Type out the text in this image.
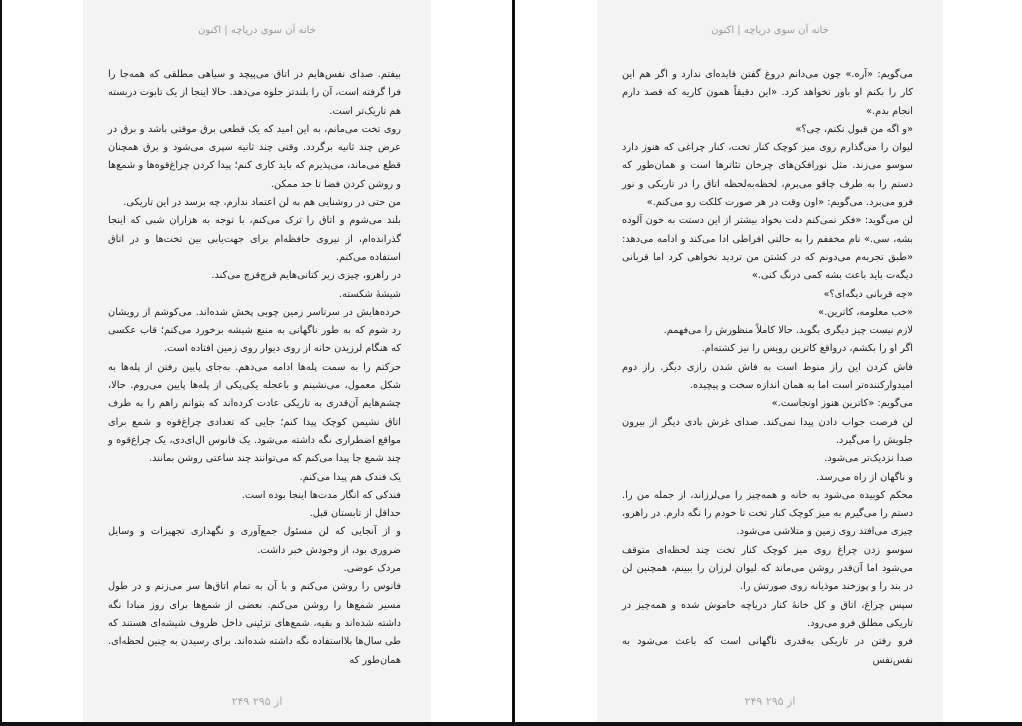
خانه آن سوی دریاچه | اکنون

بیفتم. صدای نفس‌هایم در اتاق می‌پیچد و سیاهی مطلقی که همه‌جا را فرا گرفته است، آن را بلندتر جلوه می‌دهد. حالا اینجا از یک تابوت دربسته هم تاریک‌تر است.

روی تخت می‌مانم، به این امید که یک قطعی برق موقتی باشد و برق در عرض چند ثانیه برگردد. وقتی چند ثانیه سپری می‌شود و برق همچنان قطع می‌ماند، می‌پذیرم که باید کاری کنم؛ پیدا کردن چراغ‌قوه‌ها و شمع‌ها و روشن کردن فضا تا حد ممکن.

من حتی در روشنایی هم به لن اعتماد ندارم، چه برسد در این تاریکی.

بلند می‌شوم و اتاق را ترک می‌کنم، با توجه به هزاران شبی که اینجا گذرانده‌ام، از نیروی حافظه‌ام برای جهت‌یابی بین تخت‌ها و در اتاق استفاده می‌کنم.

در راهرو، چیزی زیر کتانی‌هایم قرچ‌قرچ می‌کند.

شیشهٔ شکسته.

خرده‌هایش در سرتاسر زمین چوبی پخش شده‌اند. می‌کوشم از رویشان رد شوم که به طور ناگهانی به منبع شیشه برخورد می‌کنم؛ قاب عکسی که هنگام لرزیدن خانه از روی دیوار روی زمین افتاده است.

حرکتم را به سمت پله‌ها ادامه می‌دهم. به‌جای پایین رفتن از پله‌ها به شکل معمول، می‌نشینم و باعجله یکی‌یکی از پله‌ها پایین می‌روم. حالا، چشم‌هایم آن‌قدری به تاریکی عادت کرده‌اند که بتوانم راهم را به طرف اتاق نشیمن کوچک پیدا کنم؛ جایی که تعدادی چراغ‌قوه و شمع برای مواقع اضطراری نگه داشته می‌شود. یک فانوس ال‌ای‌دی، یک چراغ‌قوه و چند شمع جا پیدا می‌کنم که می‌توانند چند ساعتی روشن بمانند.

یک فندک هم پیدا می‌کنم.

فندکی که انگار مدت‌ها اینجا بوده است.

حداقل از تابستان قبل.

و از آنجایی که لن مسئول جمع‌آوری و نگهداری تجهیزات و وسایل ضروری بود، از وجودش خبر داشت.

مردک عوضی.

فانوس را روشن می‌کنم و با آن به تمام اتاق‌ها سر می‌زنم و در طول مسیر شمع‌ها را روشن می‌کنم. بعضی از شمع‌ها برای روز مبادا نگه داشته شده‌اند و بقیه، شمع‌های تزئینی داخل ظروف شیشه‌ای هستند که طی سال‌ها بلااستفاده نگه داشته شده‌اند. برای رسیدن به چنین لحظه‌ای. همان‌طور که

۲۴۹ از ۲۹۵
خانه آن سوی دریاچه | اکنون

می‌گویم: «آره.» چون می‌دانم دروغ گفتن فایده‌ای ندارد و اگر هم این کار را بکنم او باور نخواهد کرد. «این دقیقاً همون کاریه که قصد دارم انجام بدم.»

«و اگه من قبول نکنم، چی؟»

لیوان را می‌گذارم روی میز کوچک کنار تخت، کنار چراغی که هنوز دارد سوسو می‌زند. مثل نورافکن‌های چرخان تئاترها است و همان‌طور که دستم را به طرف چاقو می‌برم، لحظه‌به‌لحظه اتاق را در تاریکی و نور فرو می‌برد. می‌گویم: «اون وقت در هر صورت کلکت رو می‌کنم.»

لن می‌گوید: «فکر نمی‌کنم دلت بخواد بیشتر از این دستت به خون آلوده بشه، سی.» نام مخففم را به حالتی افراطی ادا می‌کند و ادامه می‌دهد: «طبق تجربه‌م می‌دونم که در کشتن من تردید نخواهی کرد اما قربانی دیگه‌ت باید باعث بشه کمی درنگ کنی.»

«چه قربانی دیگه‌ای؟»

«خب معلومه، کاترین.»

لازم نیست چیز دیگری بگوید. حالا کاملاً منظورش را می‌فهمم.

اگر او را بکشم، درواقع کاترین رویس را نیز کشته‌ام.

فاش کردن این راز منوط است به فاش شدن رازی دیگر. راز دوم امیدوارکننده‌تر است اما به همان اندازه سخت و پیچیده.

می‌گویم: «کاترین هنوز اونجاست.»

لن فرصت جواب دادن پیدا نمی‌کند. صدای غرش بادی دیگر از بیرون جلویش را می‌گیرد.

صدا نزدیک‌تر می‌شود.

و ناگهان از راه می‌رسد.

محکم کوبیده می‌شود به خانه و همه‌چیز را می‌لرزاند، از جمله من را. دستم را می‌گیرم به میز کوچک کنار تخت تا خودم را نگه دارم. در راهرو، چیزی می‌افتد روی زمین و متلاشی می‌شود.

سوسو زدن چراغ روی میز کوچک کنار تخت چند لحظه‌ای متوقف می‌شود اما آن‌قدر روشن می‌ماند که لیوان لرزان را ببینم، همچنین لن در بند را و پوزخند موذیانه روی صورتش را.

سپس چراغ، اتاق و کل خانهٔ کنار دریاچه خاموش شده و همه‌چیز در تاریکی مطلق فرو می‌رود.

فرو رفتن در تاریکی به‌قدری ناگهانی است که باعث می‌شود به نفس‌نفس

۲۴۹ از ۲۹۵
